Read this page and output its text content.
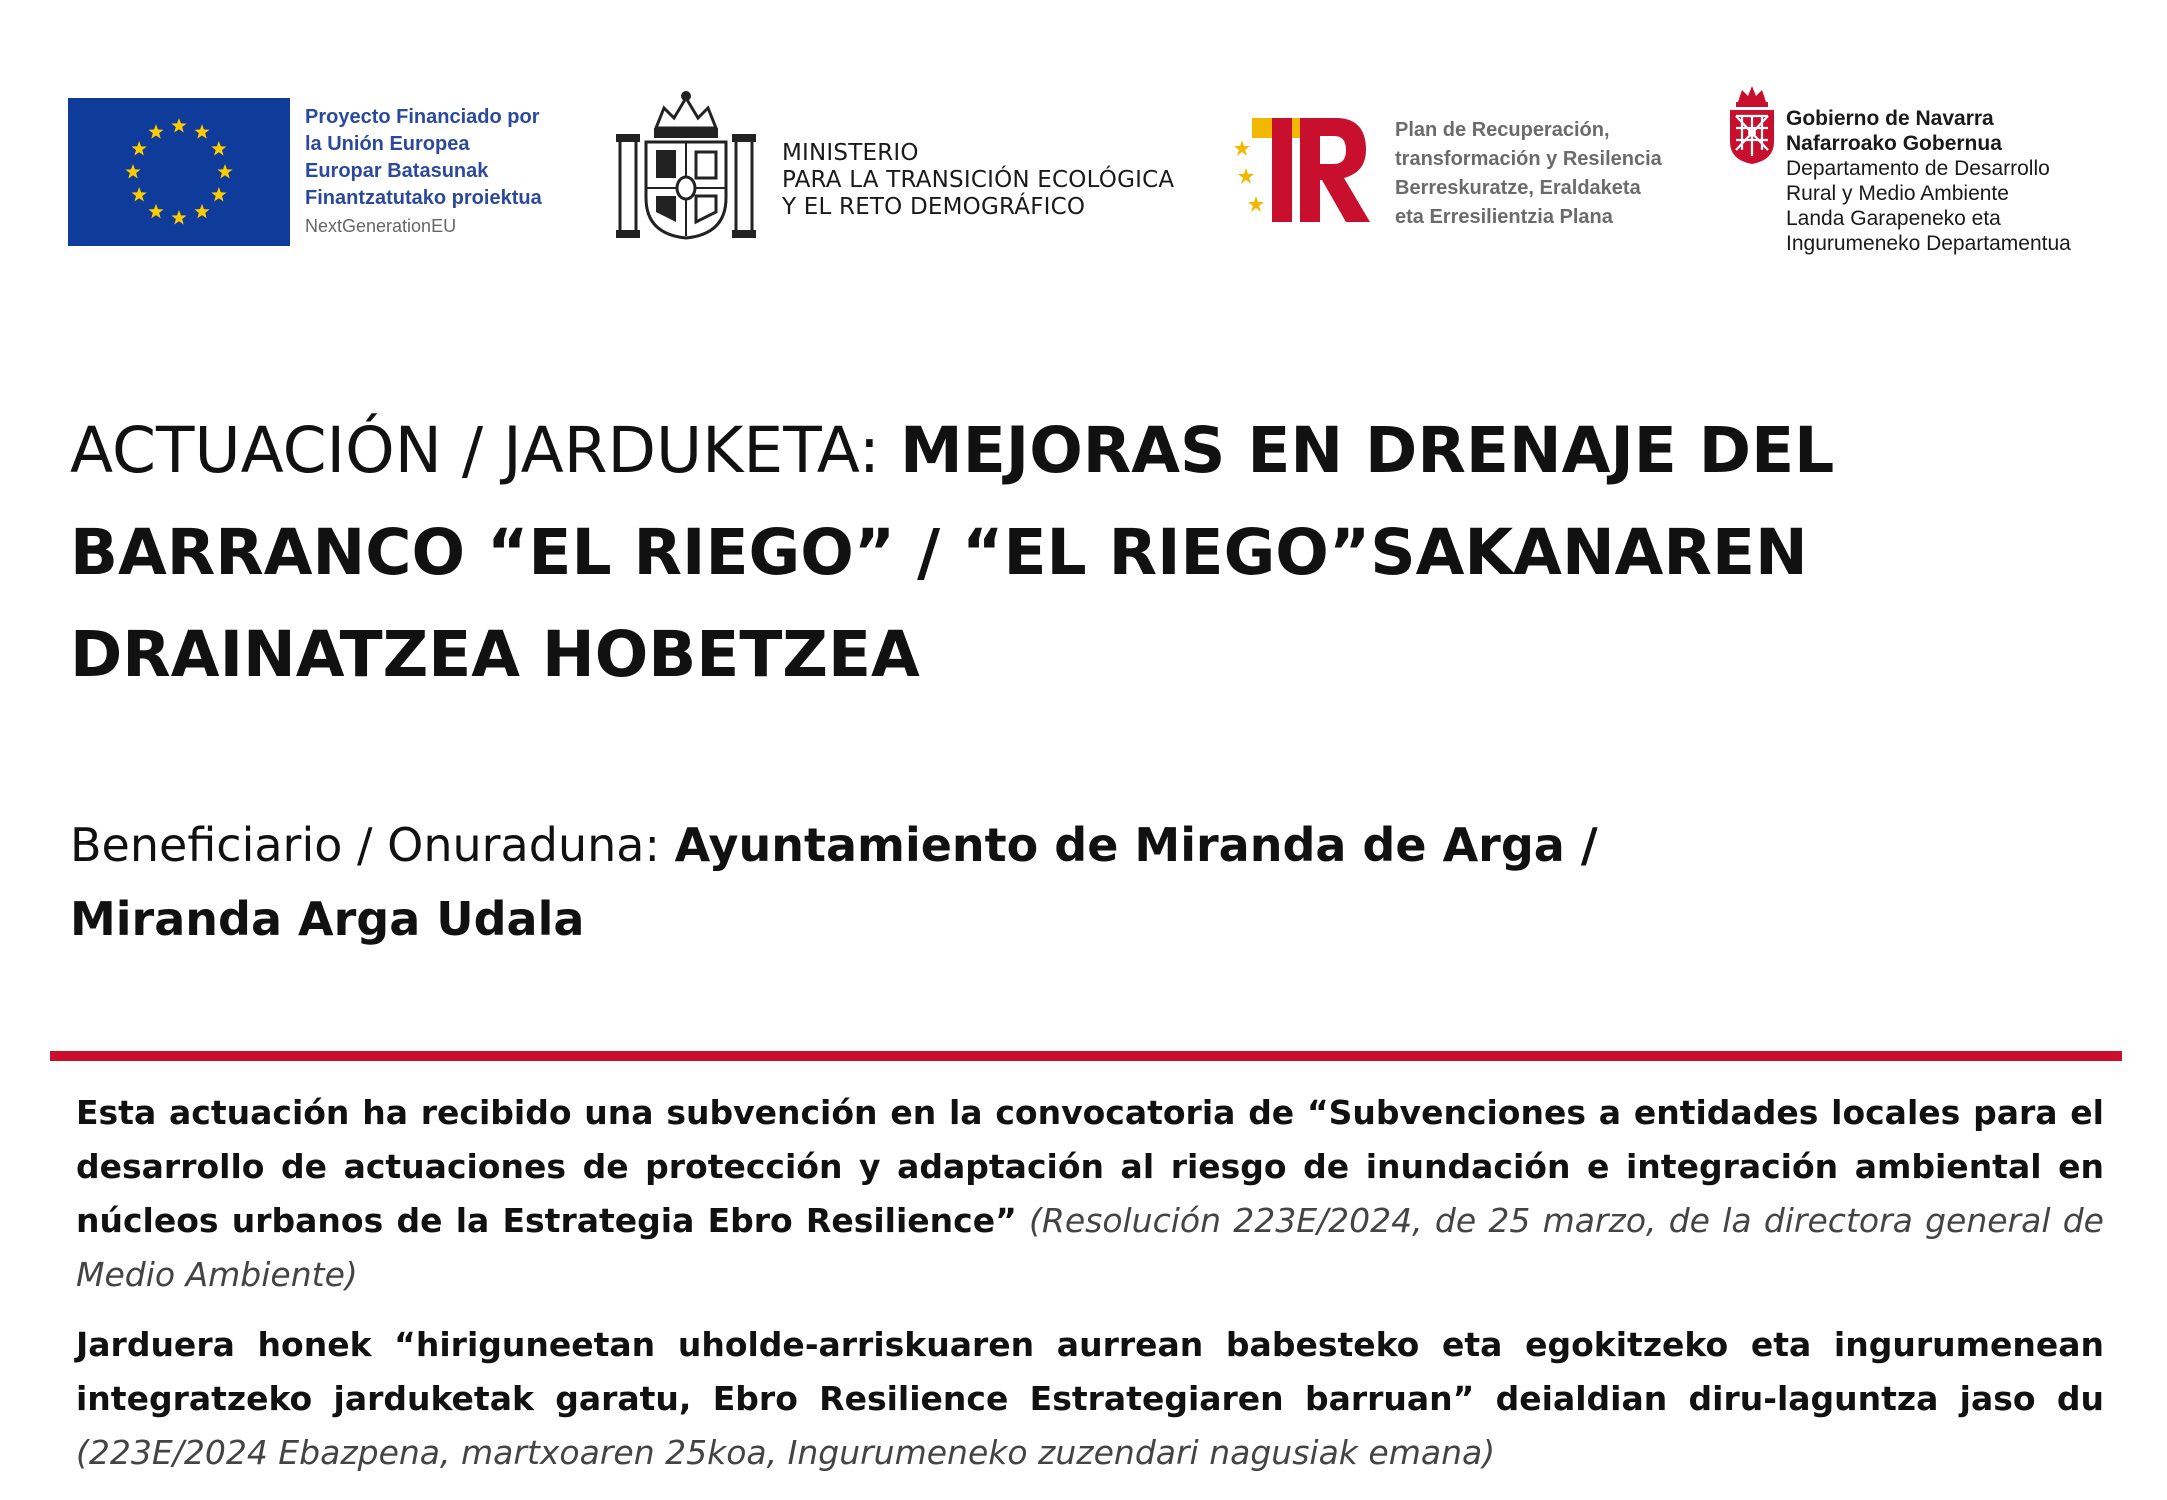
Proyecto Financiado por
la Unión Europea
Europar Batasunak
Finantzatutako proiektua
NextGenerationEU
MINISTERIO
PARA LA TRANSICIÓN ECOLÓGICA
Y EL RETO DEMOGRÁFICO
Plan de Recuperación,
transformación y Resilencia
Berreskuratze, Eraldaketa
eta Erresilientzia Plana
Gobierno de Navarra
Nafarroako Gobernua
Departamento de Desarrollo
Rural y Medio Ambiente
Landa Garapeneko eta
Ingurumeneko Departamentua
ACTUACIÓN / JARDUKETA: MEJORAS EN DRENAJE DEL BARRANCO “EL RIEGO” / “EL RIEGO”SAKANAREN DRAINATZEA HOBETZEA
Beneficiario / Onuraduna: Ayuntamiento de Miranda de Arga / Miranda Arga Udala
Esta actuación ha recibido una subvención en la convocatoria de “Subvenciones a entidades locales para el desarrollo de actuaciones de protección y adaptación al riesgo de inundación e integración ambiental en núcleos urbanos de la Estrategia Ebro Resilience” (Resolución 223E/2024, de 25 marzo, de la directora general de Medio Ambiente)
Jarduera honek “hiriguneetan uholde-arriskuaren aurrean babesteko eta egokitzeko eta ingurumenean integratzeko jarduketak garatu, Ebro Resilience Estrategiaren barruan” deialdian diru-laguntza jaso du (223E/2024 Ebazpena, martxoaren 25koa, Ingurumeneko zuzendari nagusiak emana)
